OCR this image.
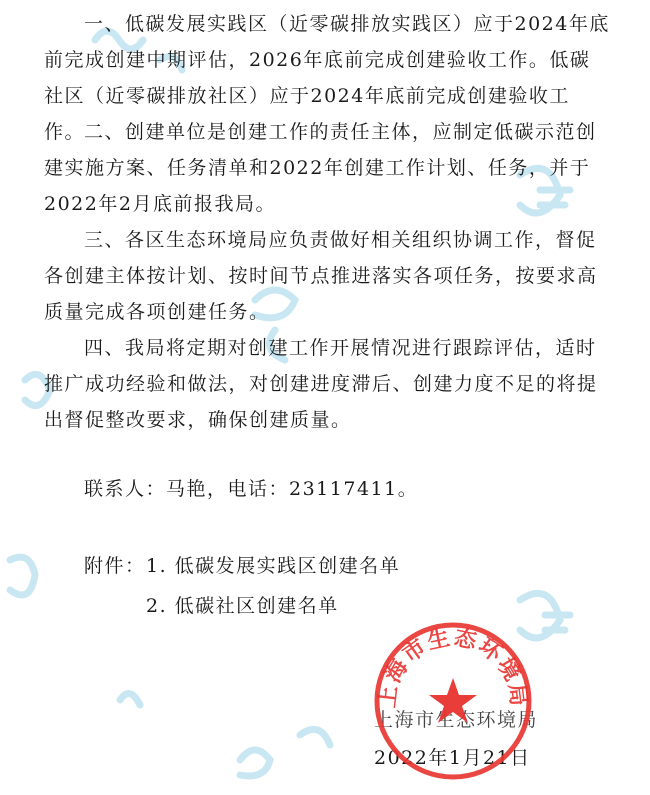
一、低碳发展实践区（近零碳排放实践区）应于2024年底前完成创建中期评估，2026年底前完成创建验收工作。低碳社区（近零碳排放社区）应于2024年底前完成创建验收工作。

二、创建单位是创建工作的责任主体，应制定低碳示范创建实施方案、任务清单和2022年创建工作计划、任务，并于2022年2月底前报我局。

三、各区生态环境局应负责做好相关组织协调工作，督促各创建主体按计划、按时间节点推进落实各项任务，按要求高质量完成各项创建任务。

四、我局将定期对创建工作开展情况进行跟踪评估，适时推广成功经验和做法，对创建进度滞后、创建力度不足的将提出督促整改要求，确保创建质量。

联系人：马艳，电话：23117411。
附件： 1. 低碳发展实践区创建名单
2. 低碳社区创建名单
上海市生态环境局
2022年1月21日
上海市生态环境局
